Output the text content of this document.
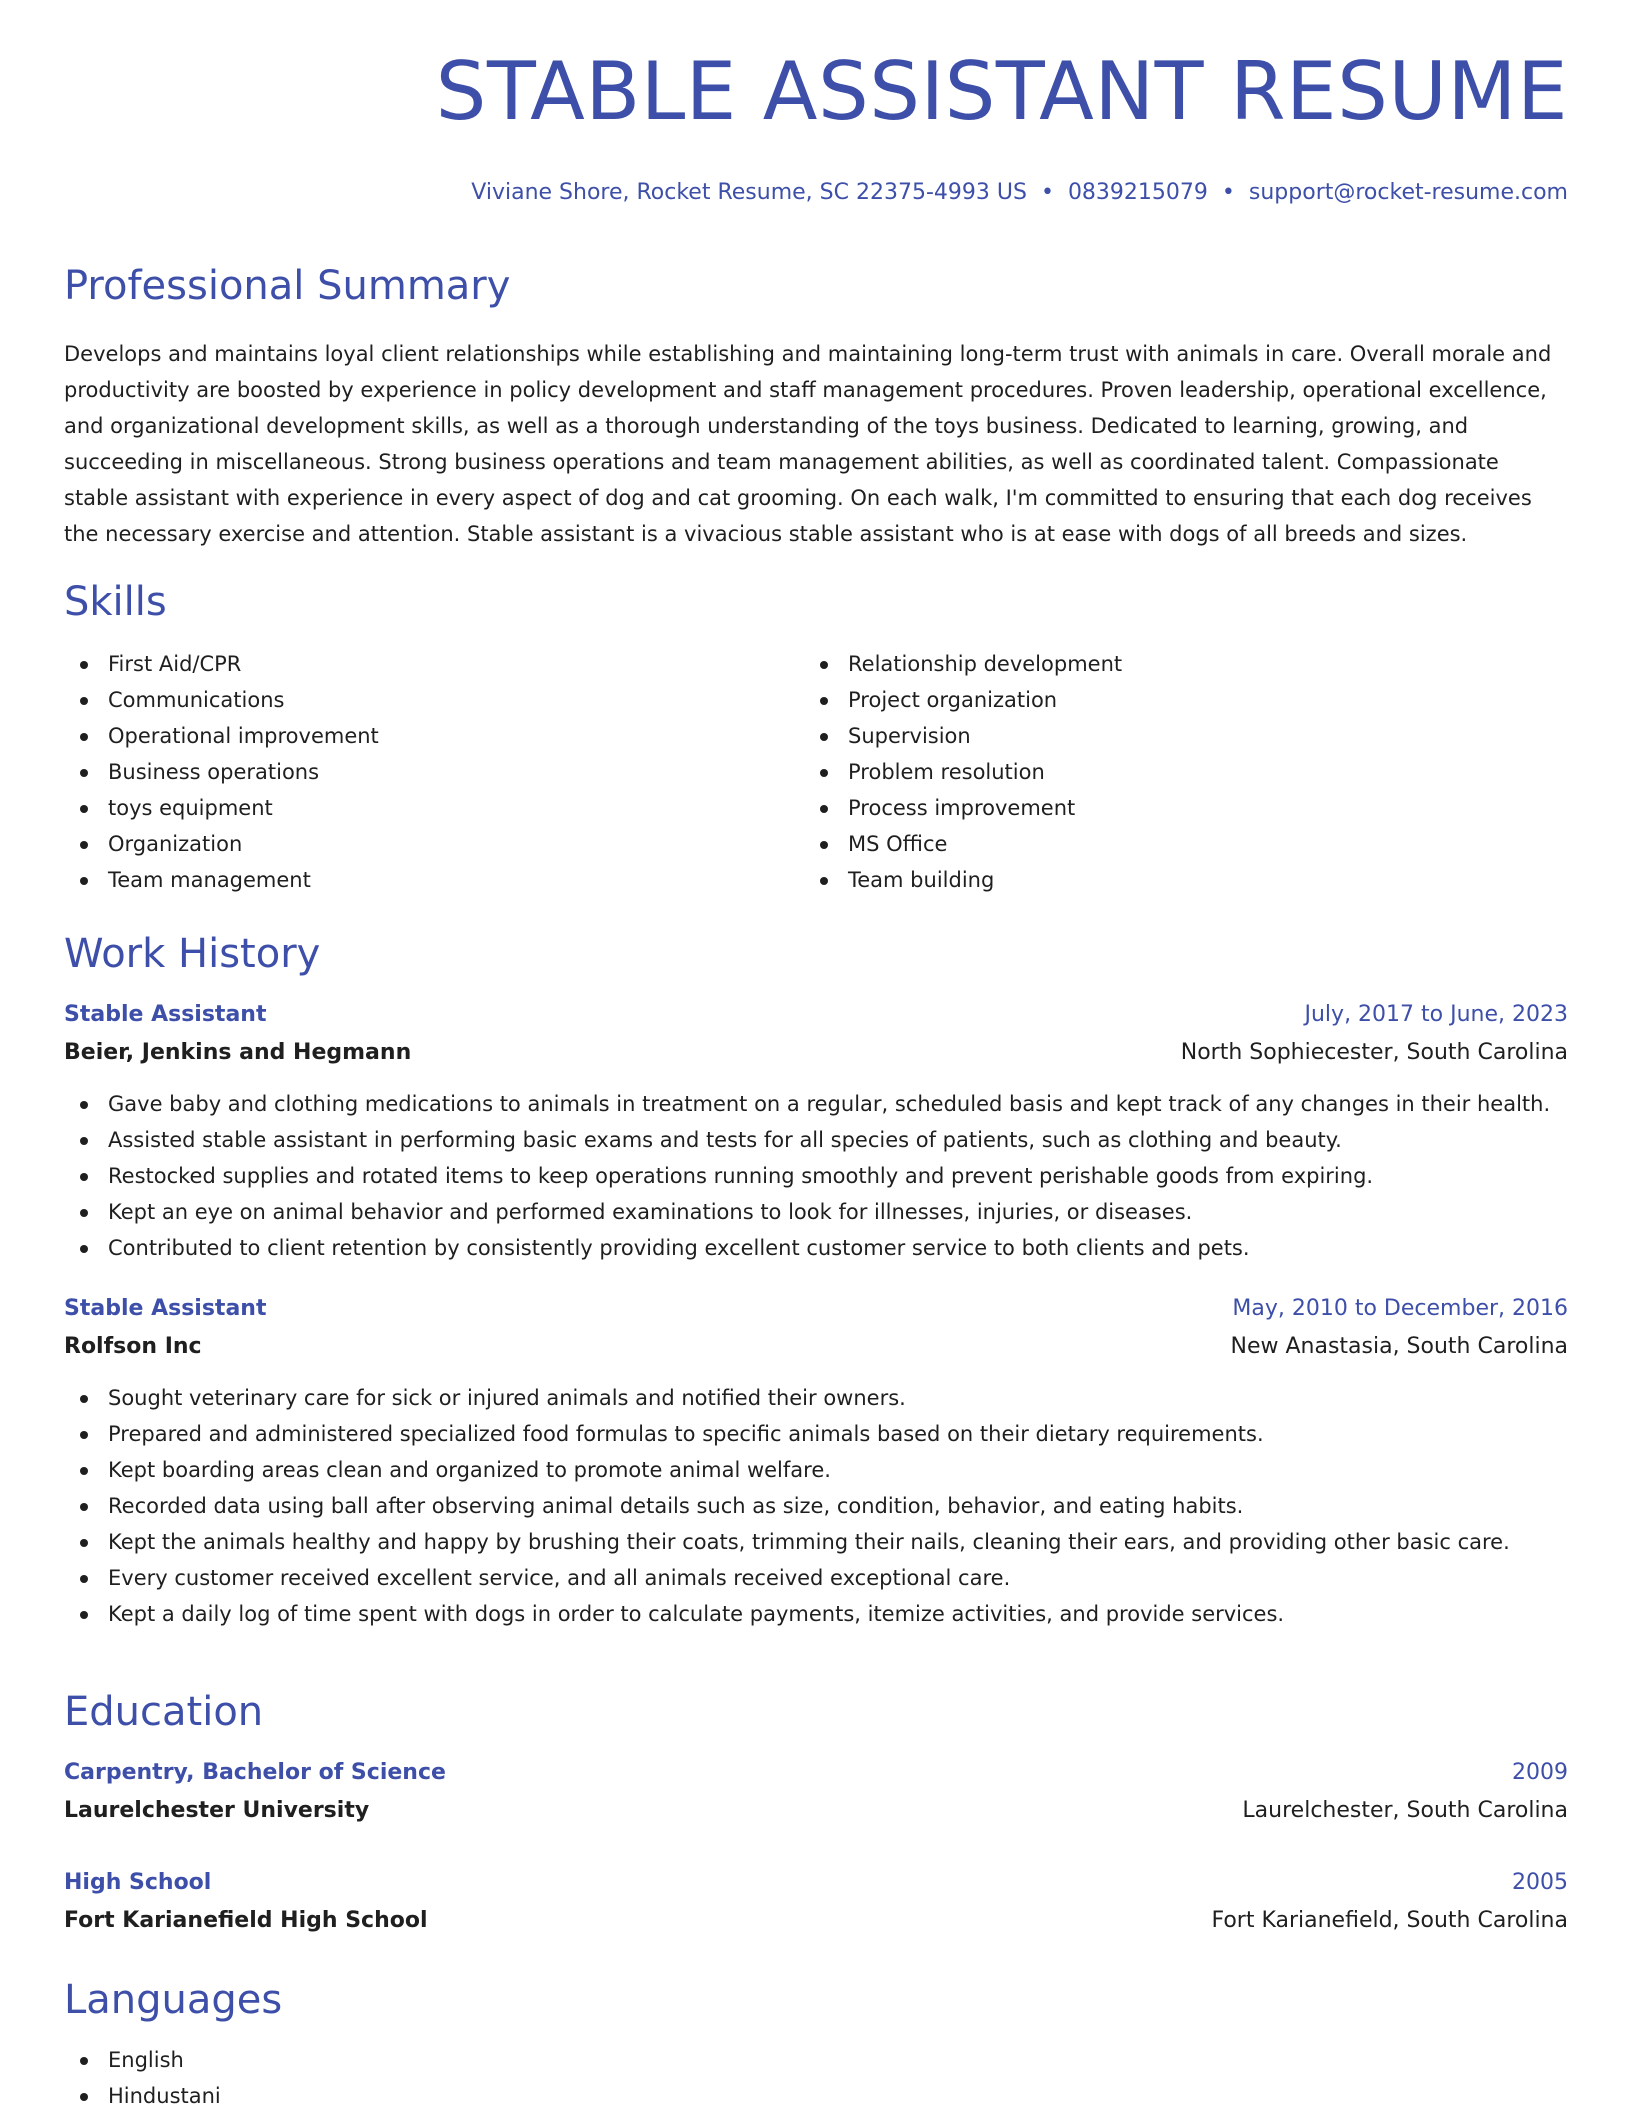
STABLE ASSISTANT RESUME
Viviane Shore, Rocket Resume, SC 22375-4993 US • 0839215079 • support@rocket-resume.com
Professional Summary

Develops and maintains loyal client relationships while establishing and maintaining long-term trust with animals in care. Overall morale and productivity are boosted by experience in policy development and staff management procedures. Proven leadership, operational excellence, and organizational development skills, as well as a thorough understanding of the toys business. Dedicated to learning, growing, and succeeding in miscellaneous. Strong business operations and team management abilities, as well as coordinated talent. Compassionate stable assistant with experience in every aspect of dog and cat grooming. On each walk, I'm committed to ensuring that each dog receives the necessary exercise and attention. Stable assistant is a vivacious stable assistant who is at ease with dogs of all breeds and sizes.

Skills
First Aid/CPR
Communications
Operational improvement
Business operations
toys equipment
Organization
Team management
Relationship development
Project organization
Supervision
Problem resolution
Process improvement
MS Office
Team building
Work History
Stable Assistant	July, 2017 to June, 2023
Beier, Jenkins and Hegmann	North Sophiecester, South Carolina
Gave baby and clothing medications to animals in treatment on a regular, scheduled basis and kept track of any changes in their health.
Assisted stable assistant in performing basic exams and tests for all species of patients, such as clothing and beauty.
Restocked supplies and rotated items to keep operations running smoothly and prevent perishable goods from expiring.
Kept an eye on animal behavior and performed examinations to look for illnesses, injuries, or diseases.
Contributed to client retention by consistently providing excellent customer service to both clients and pets.
Stable Assistant	May, 2010 to December, 2016
Rolfson Inc	New Anastasia, South Carolina
Sought veterinary care for sick or injured animals and notified their owners.
Prepared and administered specialized food formulas to specific animals based on their dietary requirements.
Kept boarding areas clean and organized to promote animal welfare.
Recorded data using ball after observing animal details such as size, condition, behavior, and eating habits.
Kept the animals healthy and happy by brushing their coats, trimming their nails, cleaning their ears, and providing other basic care.
Every customer received excellent service, and all animals received exceptional care.
Kept a daily log of time spent with dogs in order to calculate payments, itemize activities, and provide services.
Education
Carpentry, Bachelor of Science	2009
Laurelchester University	Laurelchester, South Carolina
High School	2005
Fort Karianefield High School	Fort Karianefield, South Carolina
Languages
English
Hindustani
